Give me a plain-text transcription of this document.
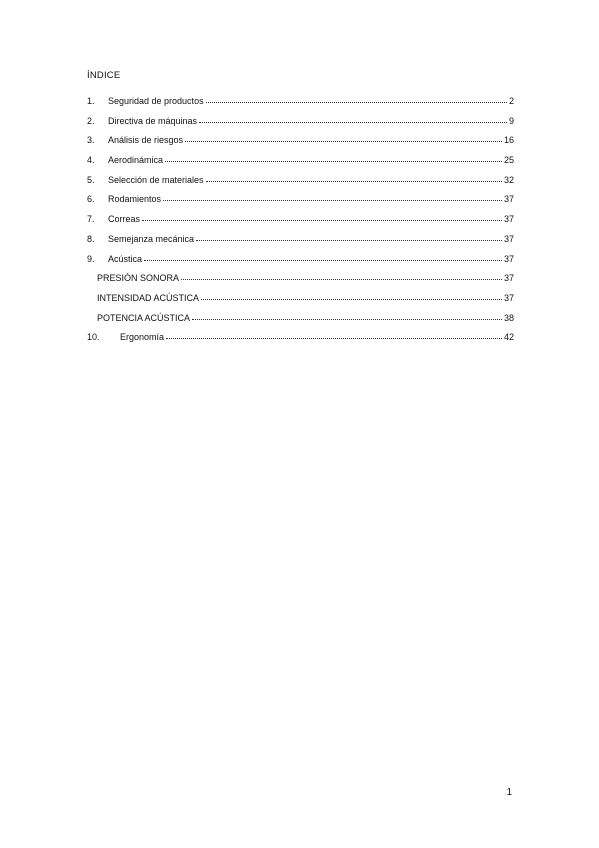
ÍNDICE
1.	Seguridad de productos	2
2.	Directiva de máquinas	9
3.	Análisis de riesgos	16
4.	Aerodinámica	25
5.	Selección de materiales	32
6.	Rodamientos	37
7.	Correas	37
8.	Semejanza mecánica	37
9.	Acústica	37
PRESIÓN SONORA	37
INTENSIDAD ACÚSTICA	37
POTENCIA ACÚSTICA	38
10.	Ergonomía	42
1
